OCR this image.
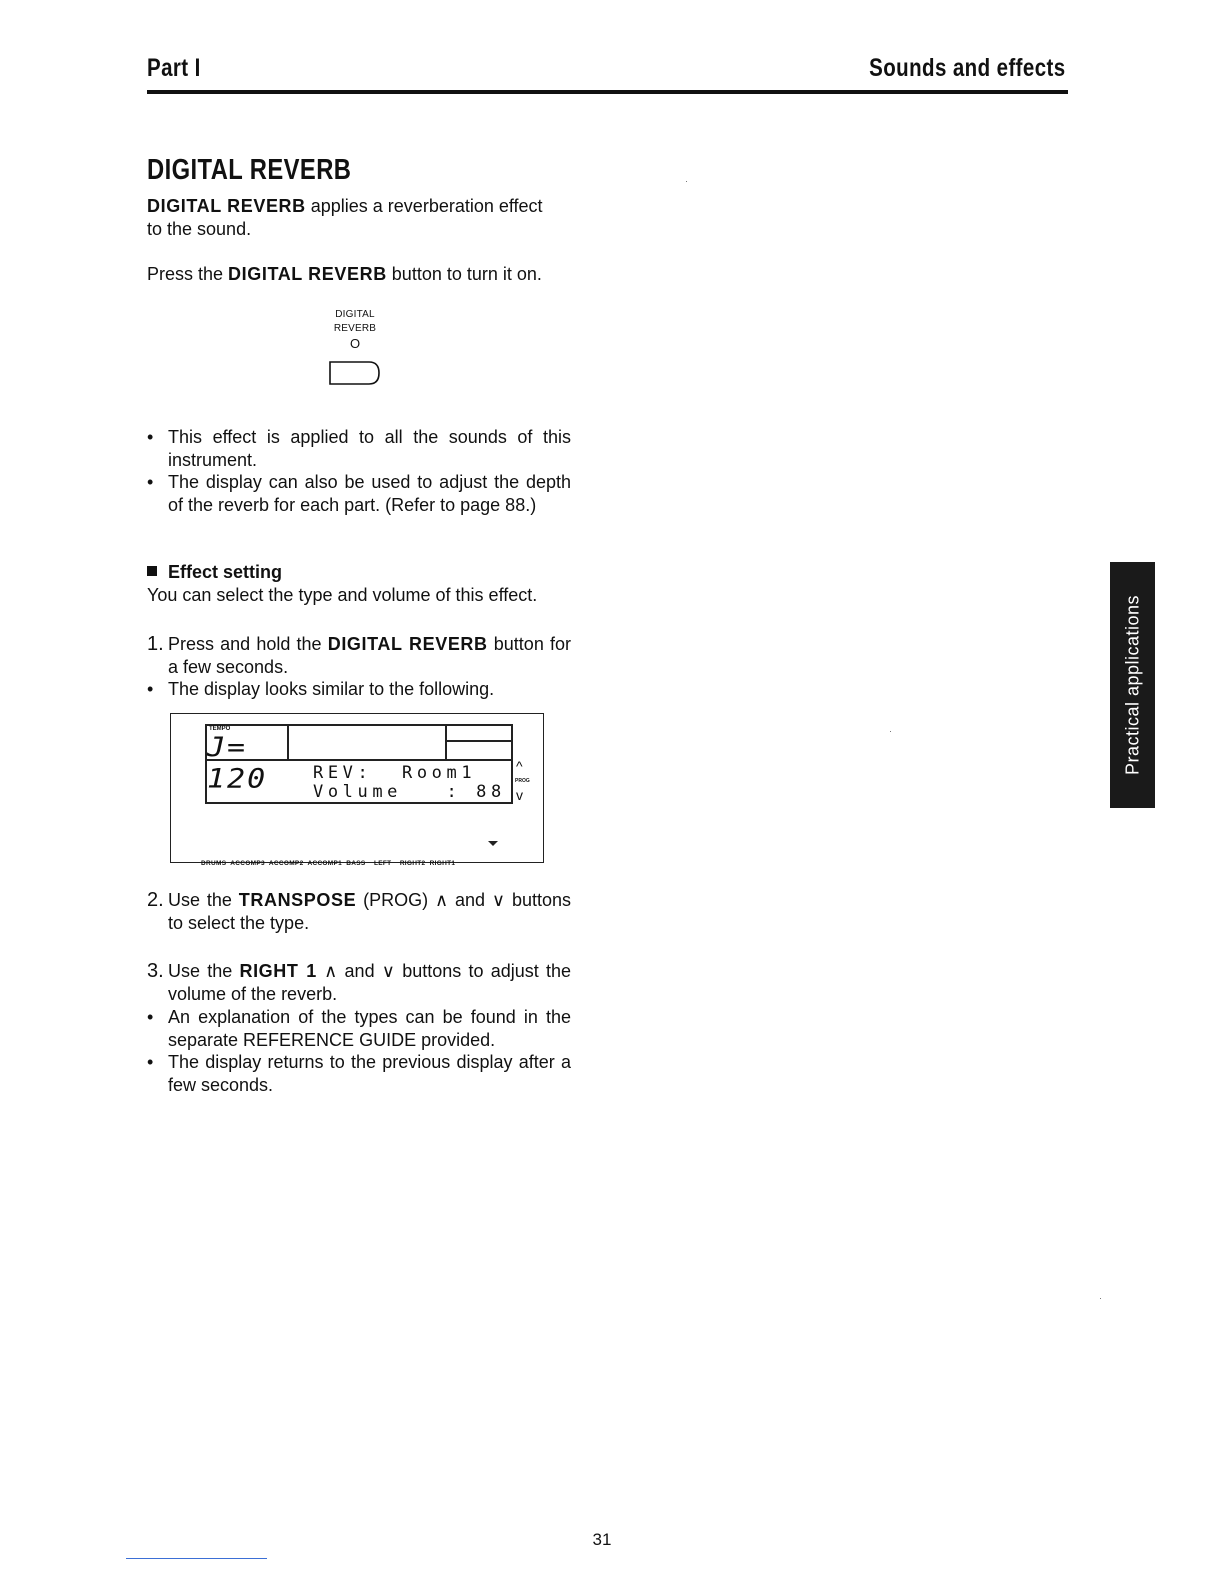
Part I	Sounds and effects
DIGITAL REVERB
DIGITAL REVERB applies a reverberation effect
to the sound.
Press the DIGITAL REVERB button to turn it on.
DIGITAL
REVERB
O
• This effect is applied to all the sounds of this instrument.
• The display can also be used to adjust the depth of the reverb for each part. (Refer to page 88.)
Effect setting
You can select the type and volume of this effect.
1. Press and hold the DIGITAL REVERB button for a few seconds.
• The display looks similar to the following.
TEMPO
J= 120	REV:  Room1
Volume   : 88
^
PROG
v
DRUMS  ACCOMP3  ACCOMP2  ACCOMP1  BASS    LEFT    RIGHT2  RIGHT1
2. Use the TRANSPOSE (PROG) ∧ and ∨ buttons to select the type.
3. Use the RIGHT 1 ∧ and ∨ buttons to adjust the volume of the reverb.
• An explanation of the types can be found in the separate REFERENCE GUIDE provided.
• The display returns to the previous display after a few seconds.
Practical applications
31
